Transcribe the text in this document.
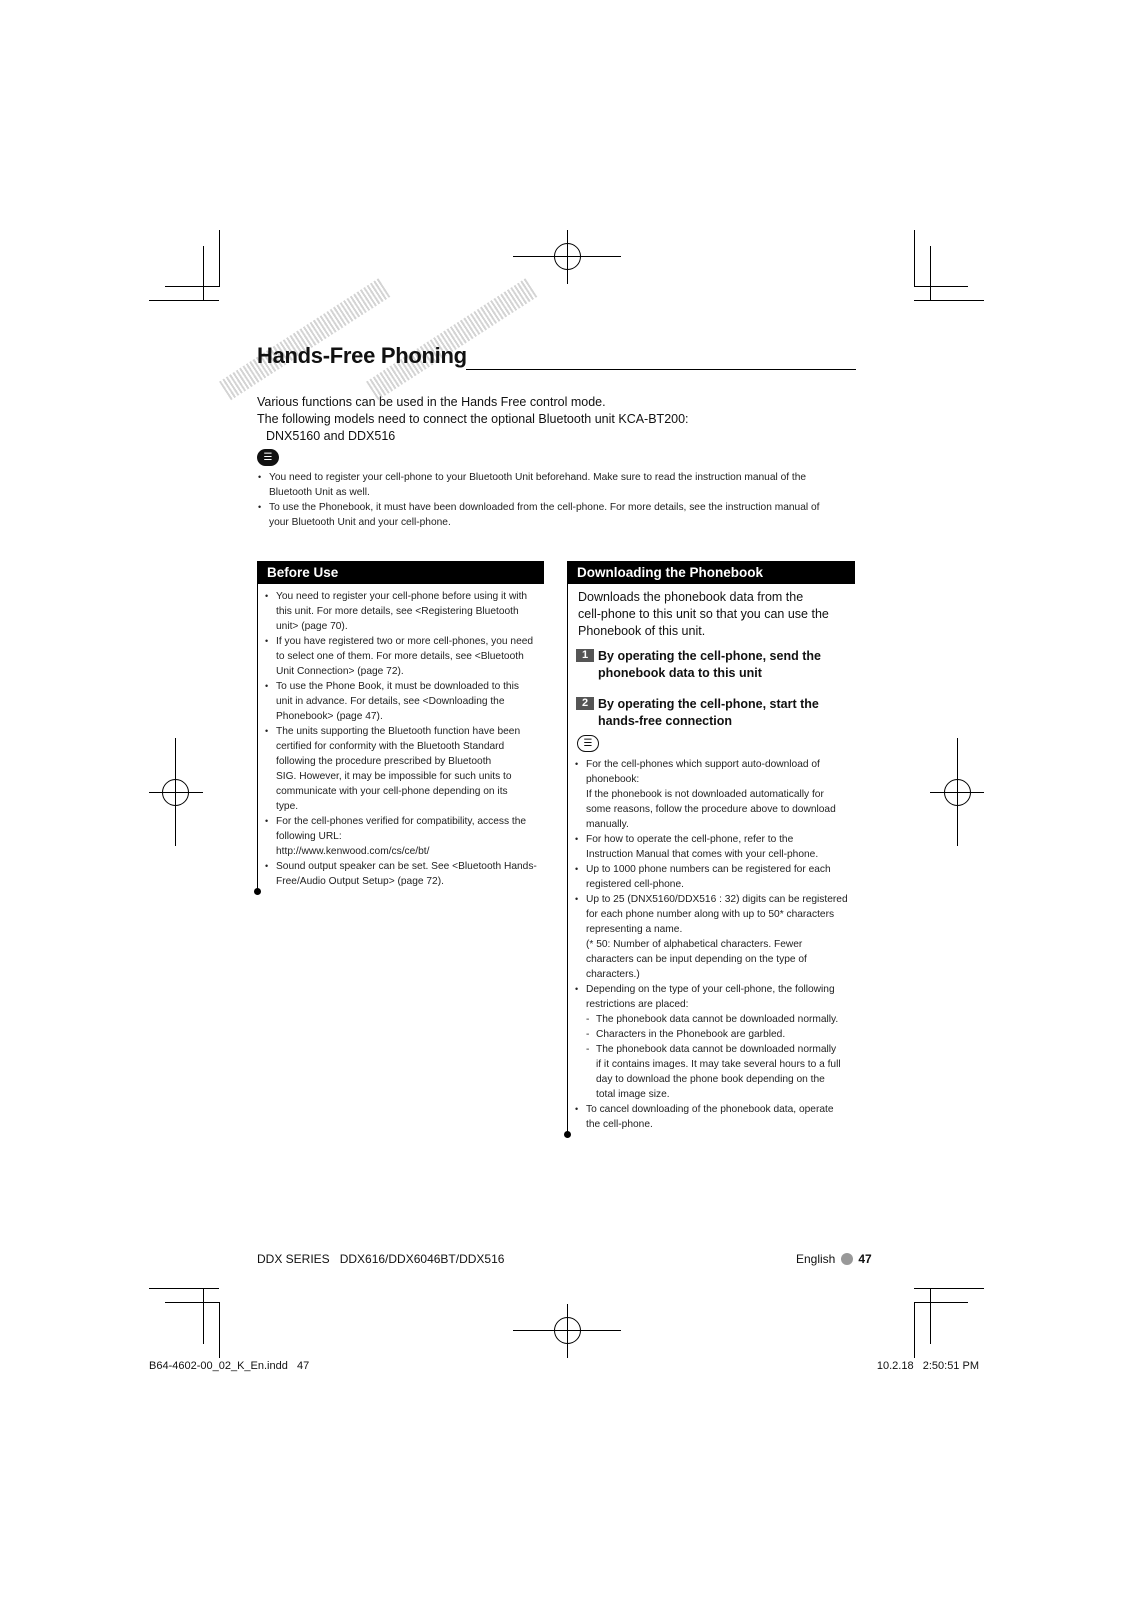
Hands-Free Phoning
Various functions can be used in the Hands Free control mode.
The following models need to connect the optional Bluetooth unit KCA-BT200:
DNX5160 and DDX516
☰
• You need to register your cell-phone to your Bluetooth Unit beforehand. Make sure to read the instruction manual of the
Bluetooth Unit as well.
• To use the Phonebook, it must have been downloaded from the cell-phone. For more details, see the instruction manual of
your Bluetooth Unit and your cell-phone.
Before Use
• You need to register your cell-phone before using it with
this unit. For more details, see <Registering Bluetooth
unit> (page 70).
• If you have registered two or more cell-phones, you need
to select one of them. For more details, see <Bluetooth
Unit Connection> (page 72).
• To use the Phone Book, it must be downloaded to this
unit in advance. For details, see <Downloading the
Phonebook> (page 47).
• The units supporting the Bluetooth function have been
certified for conformity with the Bluetooth Standard
following the procedure prescribed by Bluetooth
SIG. However, it may be impossible for such units to
communicate with your cell-phone depending on its
type.
• For the cell-phones verified for compatibility, access the
following URL:
http://www.kenwood.com/cs/ce/bt/
• Sound output speaker can be set. See <Bluetooth Hands-
Free/Audio Output Setup> (page 72).
Downloading the Phonebook
Downloads the phonebook data from the
cell-phone to this unit so that you can use the
Phonebook of this unit.
1 By operating the cell-phone, send the
phonebook data to this unit
2 By operating the cell-phone, start the
hands-free connection
☰
• For the cell-phones which support auto-download of
phonebook:
If the phonebook is not downloaded automatically for
some reasons, follow the procedure above to download
manually.
• For how to operate the cell-phone, refer to the
Instruction Manual that comes with your cell-phone.
• Up to 1000 phone numbers can be registered for each
registered cell-phone.
• Up to 25 (DNX5160/DDX516 : 32) digits can be registered
for each phone number along with up to 50* characters
representing a name.
(* 50: Number of alphabetical characters. Fewer
characters can be input depending on the type of
characters.)
• Depending on the type of your cell-phone, the following
restrictions are placed:
- The phonebook data cannot be downloaded normally.
- Characters in the Phonebook are garbled.
- The phonebook data cannot be downloaded normally
if it contains images. It may take several hours to a full
day to download the phone book depending on the
total image size.
• To cancel downloading of the phonebook data, operate
the cell-phone.
DDX SERIES   DDX616/DDX6046BT/DDX516	English 47
B64-4602-00_02_K_En.indd   47	10.2.18   2:50:51 PM
